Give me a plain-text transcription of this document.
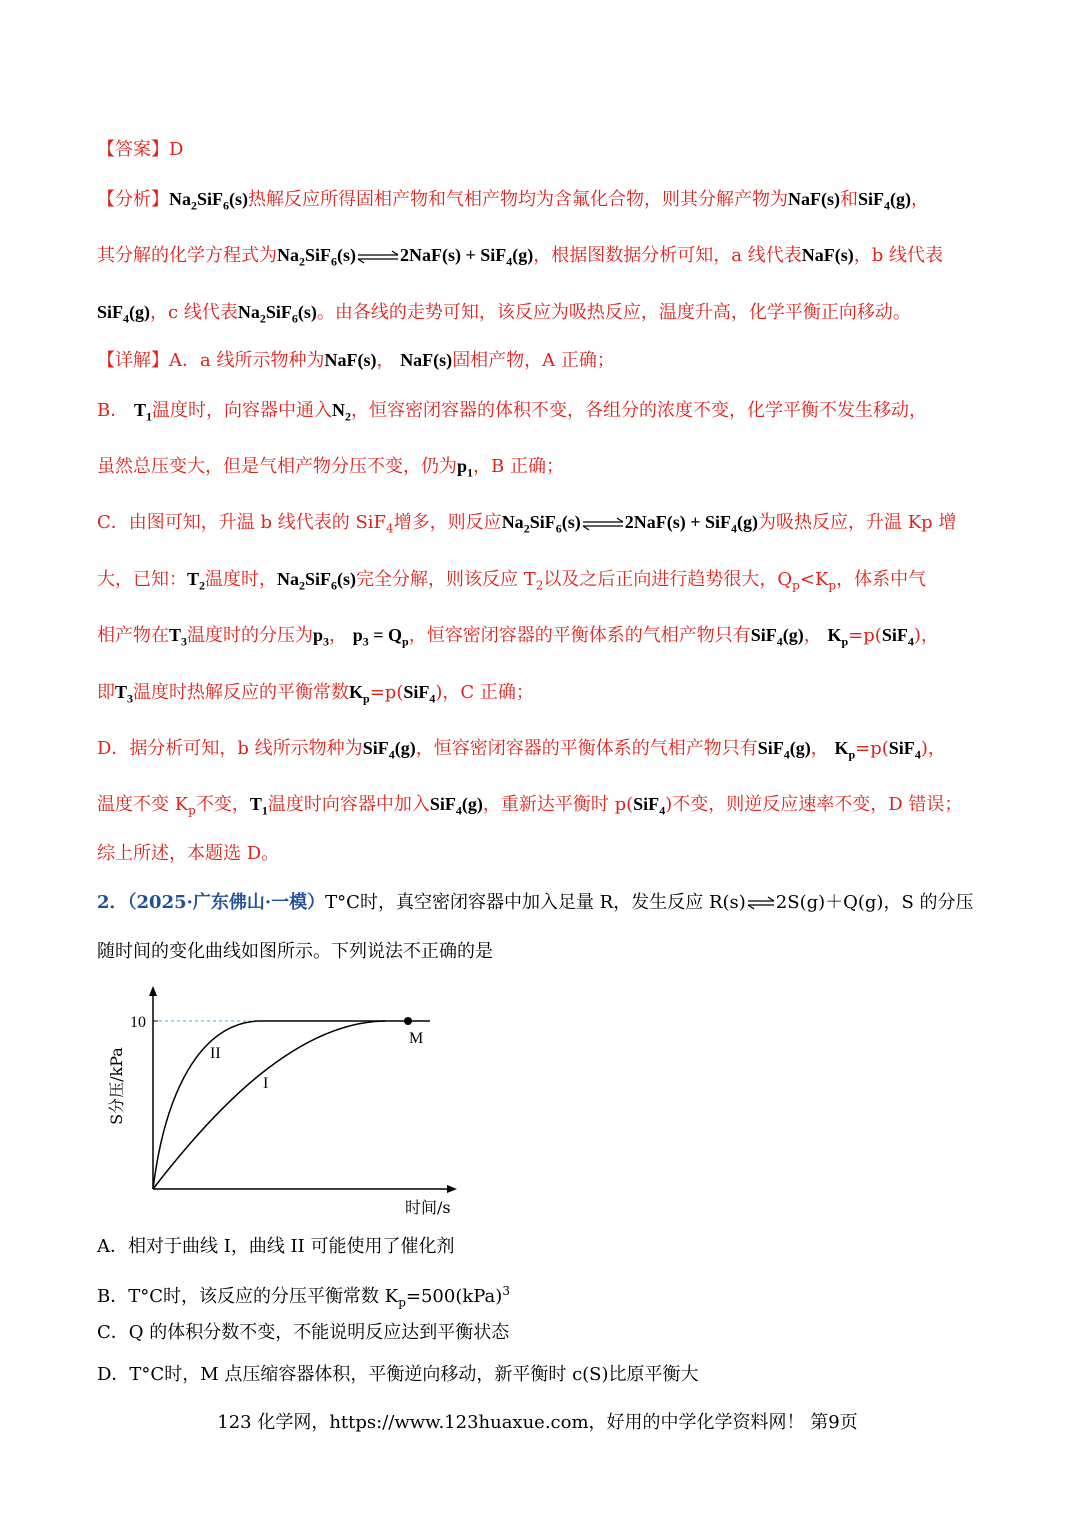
【答案】D
【分析】$Na_2SiF_6(s)$热解反应所得固相产物和气相产物均为含氟化合物，则其分解产物为NaF(s)和SiF$_4$(g)，
其分解的化学方程式为$Na_2SiF_6(s)\rightleftharpoons 2NaF(s) + SiF_4(g)$，根据图数据分析可知，a 线代表NaF(s)，b 线代表
SiF$_4$(g)，c 线代表$Na_2SiF_6(s)$。由各线的走势可知，该反应为吸热反应，温度升高，化学平衡正向移动。
【详解】A．a 线所示物种为NaF(s)， NaF(s)固相产物，A 正确；
B． $T_1$温度时，向容器中通入$N_2$，恒容密闭容器的体积不变，各组分的浓度不变，化学平衡不发生移动，
虽然总压变大，但是气相产物分压不变，仍为$p_1$，B 正确；
C．由图可知，升温 b 线代表的 SiF$_4$增多，则反应$Na_2SiF_6(s)\rightleftharpoons 2NaF(s) + SiF_4(g)$为吸热反应，升温 Kp 增
大，已知：$T_2$温度时，$Na_2SiF_6(s)$完全分解，则该反应 $T_2$以及之后正向进行趋势很大，$Q_p<K_p$，体系中气
相产物在$T_3$温度时的分压为$p_3$， $p_3 = Q_p$，恒容密闭容器的平衡体系的气相产物只有SiF$_4$(g)， $K_p=p(SiF_4)$，
即$T_3$温度时热解反应的平衡常数$K_p=p(SiF_4)$，C 正确；
D．据分析可知，b 线所示物种为SiF$_4$(g)，恒容密闭容器的平衡体系的气相产物只有SiF$_4$(g)， $K_p=p(SiF_4)$，
温度不变 $K_p$不变，$T_1$温度时向容器中加入SiF$_4$(g)，重新达平衡时 p(SiF$_4$)不变，则逆反应速率不变，D 错误；
综上所述，本题选 D。
2．（2025·广东佛山·一模）T°C时，真空密闭容器中加入足量 R，发生反应 R(s)⇌2S(g)＋Q(g)，S 的分压
随时间的变化曲线如图所示。下列说法不正确的是
10
II
I
M
时间/s
S分压/kPa
A．相对于曲线 I，曲线 II 可能使用了催化剂
B．T°C时，该反应的分压平衡常数 $K_p=500(kPa)^3$
C．Q 的体积分数不变，不能说明反应达到平衡状态
D．T°C时，M 点压缩容器体积，平衡逆向移动，新平衡时 c(S)比原平衡大
123 化学网，https://www.123huaxue.com，好用的中学化学资料网！ 第9页
